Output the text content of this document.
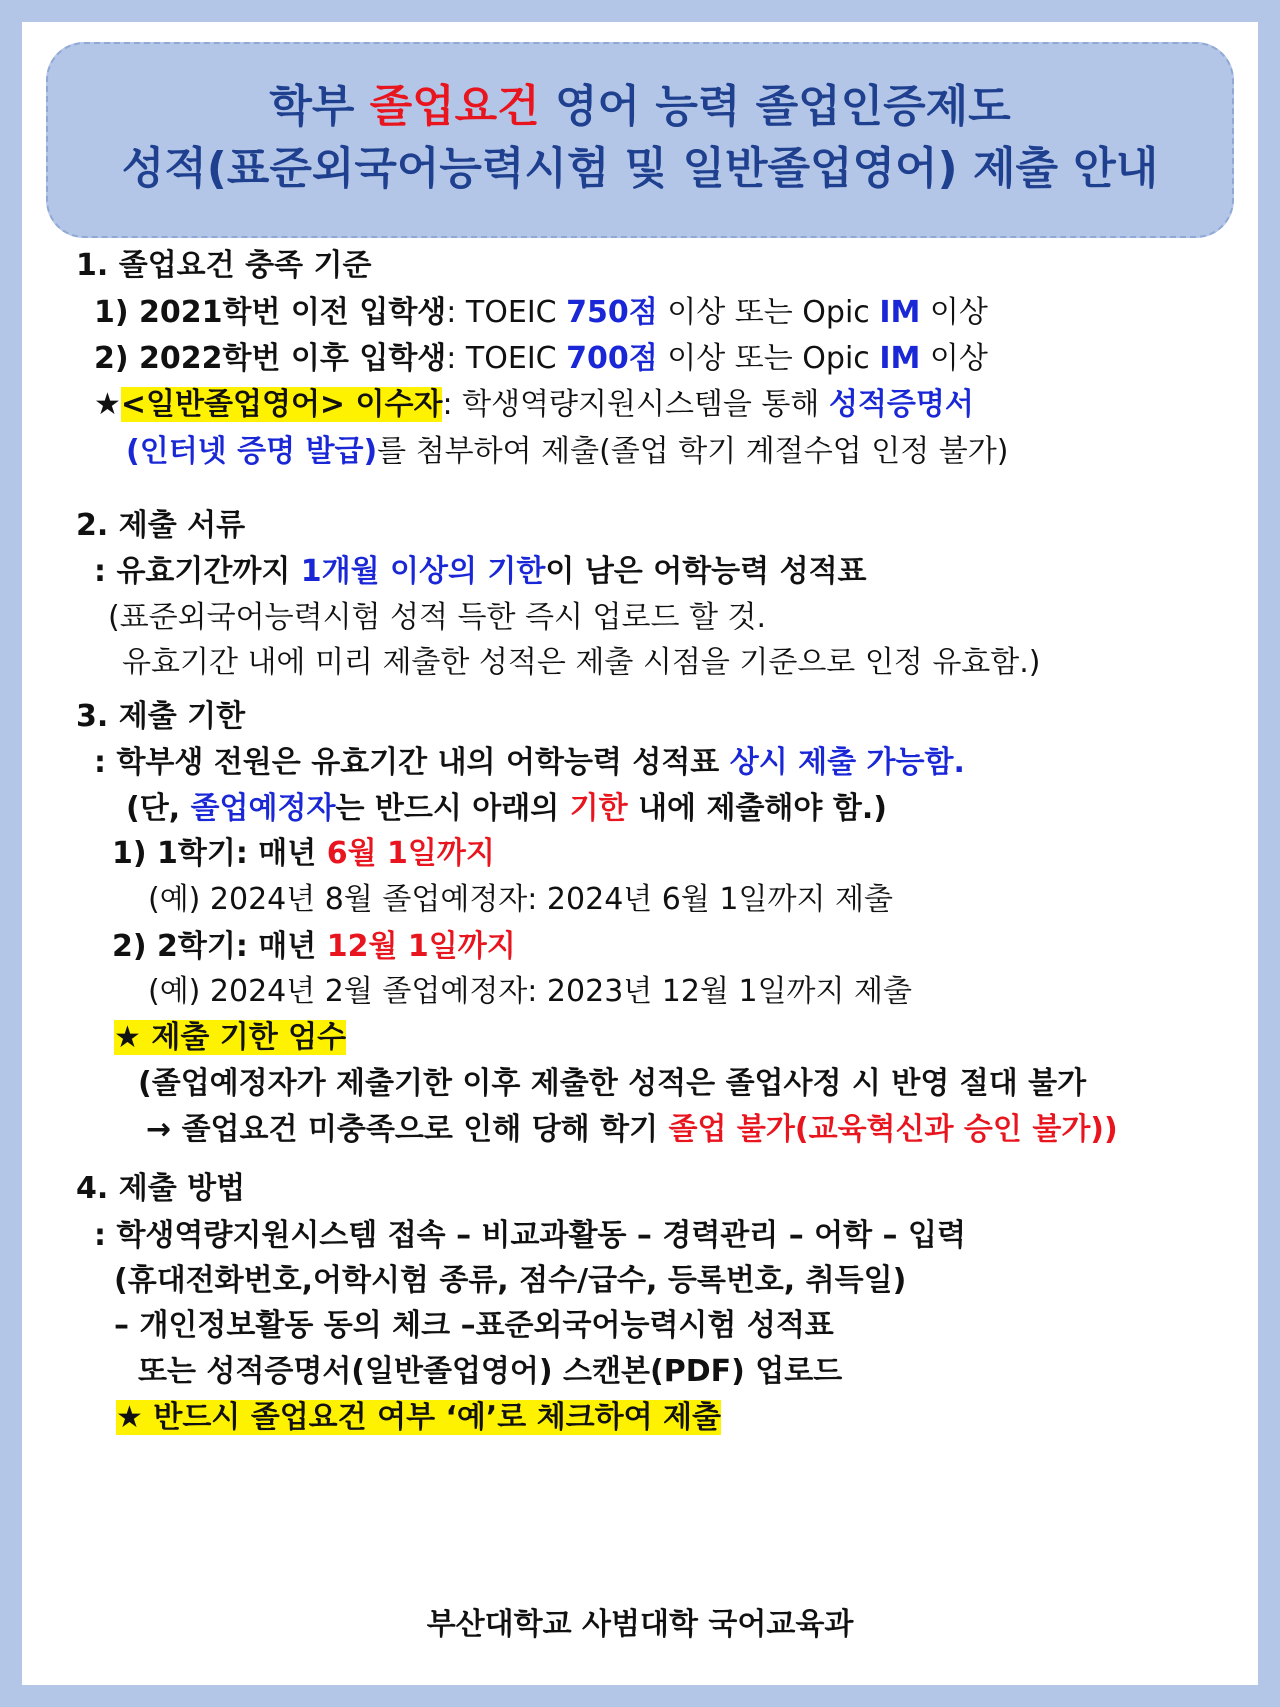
학부 졸업요건 영어 능력 졸업인증제도
성적(표준외국어능력시험 및 일반졸업영어) 제출 안내
1. 졸업요건 충족 기준
1) 2021학번 이전 입학생: TOEIC 750점 이상 또는 Opic IM 이상
2) 2022학번 이후 입학생: TOEIC 700점 이상 또는 Opic IM 이상
★<일반졸업영어> 이수자: 학생역량지원시스템을 통해 성적증명서
(인터넷 증명 발급)를 첨부하여 제출(졸업 학기 계절수업 인정 불가)
2. 제출 서류
: 유효기간까지 1개월 이상의 기한이 남은 어학능력 성적표
(표준외국어능력시험 성적 득한 즉시 업로드 할 것.
유효기간 내에 미리 제출한 성적은 제출 시점을 기준으로 인정 유효함.)
3. 제출 기한
: 학부생 전원은 유효기간 내의 어학능력 성적표 상시 제출 가능함.
(단, 졸업예정자는 반드시 아래의 기한 내에 제출해야 함.)
1) 1학기: 매년 6월 1일까지
(예) 2024년 8월 졸업예정자: 2024년 6월 1일까지 제출
2) 2학기: 매년 12월 1일까지
(예) 2024년 2월 졸업예정자: 2023년 12월 1일까지 제출
★ 제출 기한 엄수
(졸업예정자가 제출기한 이후 제출한 성적은 졸업사정 시 반영 절대 불가
→ 졸업요건 미충족으로 인해 당해 학기 졸업 불가(교육혁신과 승인 불가))
4. 제출 방법
: 학생역량지원시스템 접속 – 비교과활동 – 경력관리 – 어학 – 입력
(휴대전화번호,어학시험 종류, 점수/급수, 등록번호, 취득일)
– 개인정보활동 동의 체크 –표준외국어능력시험 성적표
또는 성적증명서(일반졸업영어) 스캔본(PDF) 업로드
★ 반드시 졸업요건 여부 ‘예’로 체크하여 제출
부산대학교 사범대학 국어교육과
